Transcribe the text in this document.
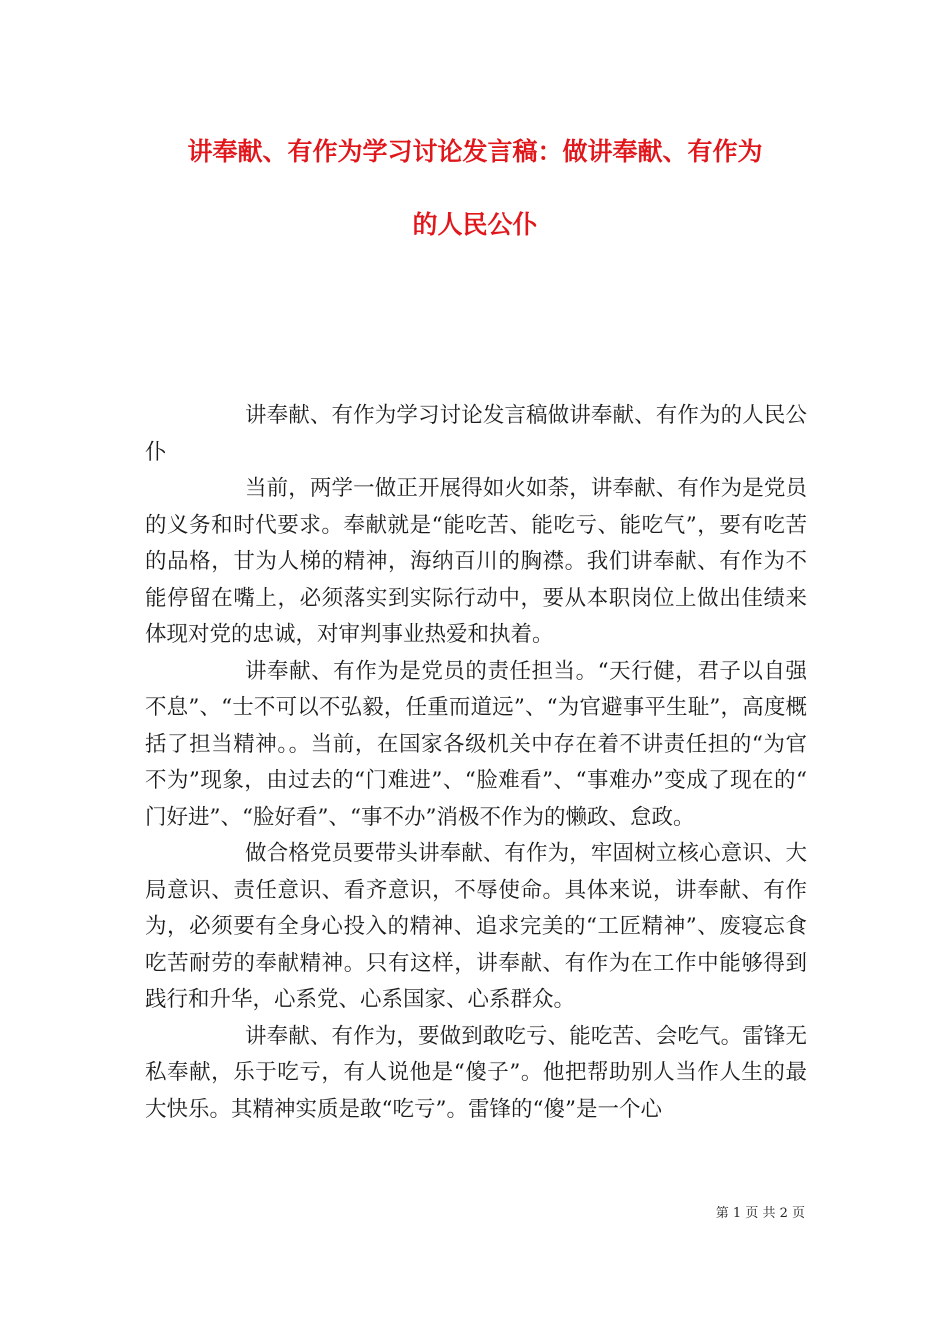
讲奉献、有作为学习讨论发言稿：做讲奉献、有作为
的人民公仆

讲奉献、有作为学习讨论发言稿做讲奉献、有作为的人民公仆

当前，两学一做正开展得如火如荼，讲奉献、有作为是党员的义务和时代要求。奉献就是“能吃苦、能吃亏、能吃气”，要有吃苦的品格，甘为人梯的精神，海纳百川的胸襟。我们讲奉献、有作为不能停留在嘴上，必须落实到实际行动中，要从本职岗位上做出佳绩来体现对党的忠诚，对审判事业热爱和执着。

讲奉献、有作为是党员的责任担当。“天行健，君子以自强不息”、“士不可以不弘毅，任重而道远”、“为官避事平生耻”，高度概括了担当精神。。当前，在国家各级机关中存在着不讲责任担的“为官不为”现象，由过去的“门难进”、“脸难看”、“事难办”变成了现在的“门好进”、“脸好看”、“事不办”消极不作为的懒政、怠政。

做合格党员要带头讲奉献、有作为，牢固树立核心意识、大局意识、责任意识、看齐意识，不辱使命。具体来说，讲奉献、有作为，必须要有全身心投入的精神、追求完美的“工匠精神”、废寝忘食吃苦耐劳的奉献精神。只有这样，讲奉献、有作为在工作中能够得到践行和升华，心系党、心系国家、心系群众。

讲奉献、有作为，要做到敢吃亏、能吃苦、会吃气。雷锋无私奉献，乐于吃亏，有人说他是“傻子”。他把帮助别人当作人生的最大快乐。其精神实质是敢“吃亏”。雷锋的“傻”是一个心

第 1 页 共 2 页
